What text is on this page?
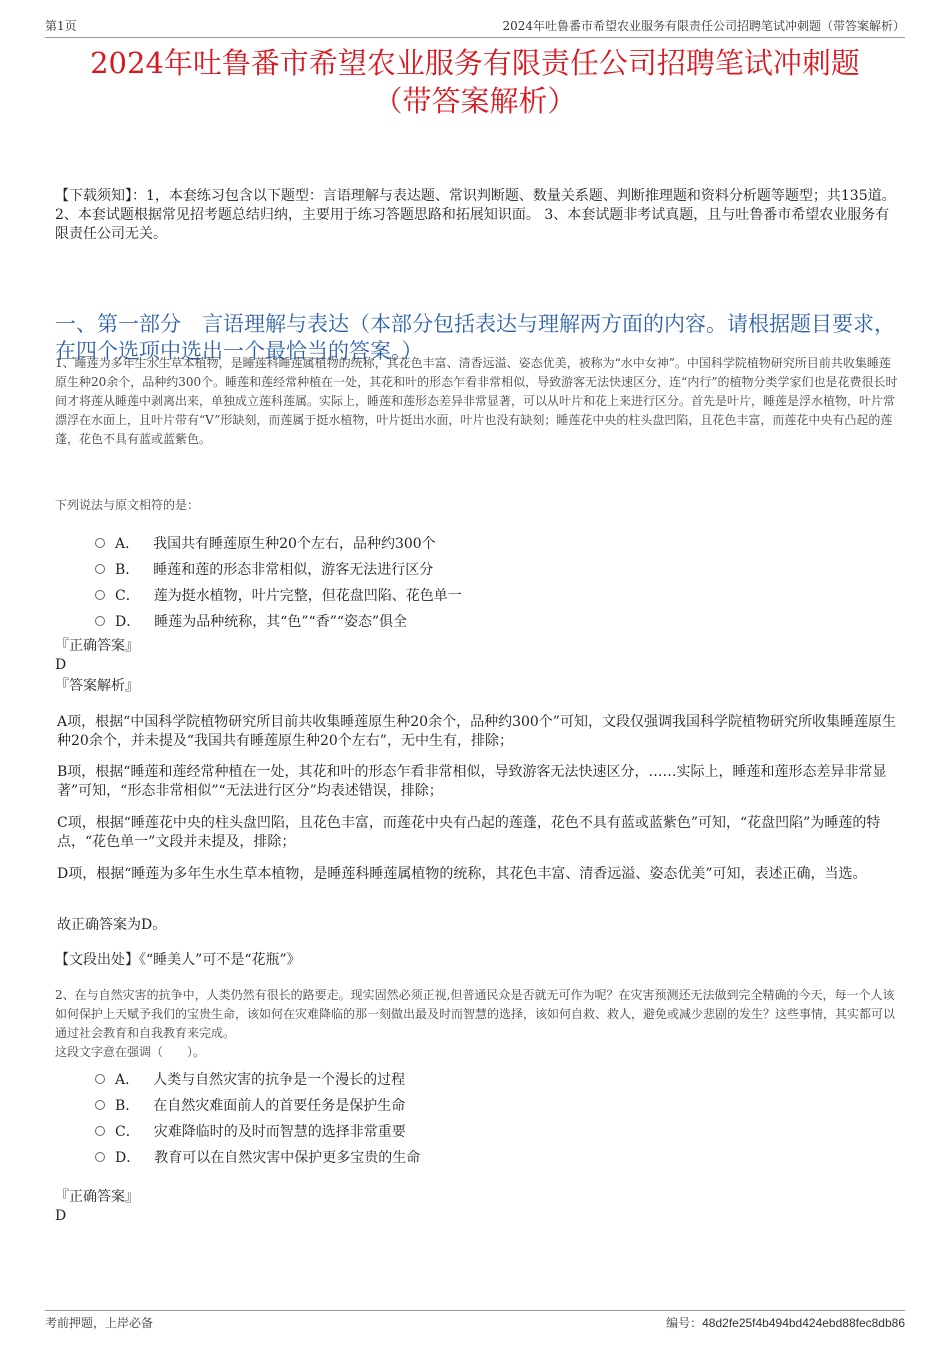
第1页	2024年吐鲁番市希望农业服务有限责任公司招聘笔试冲刺题（带答案解析）
2024年吐鲁番市希望农业服务有限责任公司招聘笔试冲刺题
（带答案解析）
【下载须知】：1，本套练习包含以下题型：言语理解与表达题、常识判断题、数量关系题、判断推理题和资料分析题等题型；共135道。 2、本套试题根据常见招考题总结归纳，主要用于练习答题思路和拓展知识面。 3、本套试题非考试真题，且与吐鲁番市希望农业服务有限责任公司无关。
一、第一部分　言语理解与表达（本部分包括表达与理解两方面的内容。请根据题目要求，在四个选项中选出一个最恰当的答案。）
1、睡莲为多年生水生草本植物，是睡莲科睡莲属植物的统称，其花色丰富、清香远溢、姿态优美，被称为“水中女神”。中国科学院植物研究所目前共收集睡莲原生种20余个，品种约300个。睡莲和莲经常种植在一处，其花和叶的形态乍看非常相似，导致游客无法快速区分，连“内行”的植物分类学家们也是花费很长时间才将莲从睡莲中剥离出来，单独成立莲科莲属。实际上，睡莲和莲形态差异非常显著，可以从叶片和花上来进行区分。首先是叶片，睡莲是浮水植物，叶片常漂浮在水面上，且叶片带有“V”形缺刻，而莲属于挺水植物，叶片挺出水面，叶片也没有缺刻；睡莲花中央的柱头盘凹陷，且花色丰富，而莲花中央有凸起的莲蓬，花色不具有蓝或蓝紫色。
下列说法与原文相符的是：
A． 我国共有睡莲原生种20个左右，品种约300个
B． 睡莲和莲的形态非常相似，游客无法进行区分
C． 莲为挺水植物，叶片完整，但花盘凹陷、花色单一
D． 睡莲为品种统称，其“色”“香”“姿态”俱全
『正确答案』
D
『答案解析』
A项，根据“中国科学院植物研究所目前共收集睡莲原生种20余个，品种约300个”可知，文段仅强调我国科学院植物研究所收集睡莲原生种20余个，并未提及“我国共有睡莲原生种20个左右”，无中生有，排除；
B项，根据“睡莲和莲经常种植在一处，其花和叶的形态乍看非常相似，导致游客无法快速区分，……实际上，睡莲和莲形态差异非常显著”可知，“形态非常相似”“无法进行区分”均表述错误，排除；
C项，根据“睡莲花中央的柱头盘凹陷，且花色丰富，而莲花中央有凸起的莲蓬，花色不具有蓝或蓝紫色”可知，“花盘凹陷”为睡莲的特点，“花色单一”文段并未提及，排除；
D项，根据“睡莲为多年生水生草本植物，是睡莲科睡莲属植物的统称，其花色丰富、清香远溢、姿态优美”可知，表述正确，当选。
故正确答案为D。
【文段出处】《“睡美人”可不是“花瓶”》
2、在与自然灾害的抗争中，人类仍然有很长的路要走。现实固然必须正视,但普通民众是否就无可作为呢？在灾害预测还无法做到完全精确的今天，每一个人该如何保护上天赋予我们的宝贵生命，该如何在灾难降临的那一刻做出最及时而智慧的选择，该如何自救、救人，避免或减少悲剧的发生？这些事情，其实都可以通过社会教育和自我教育来完成。
这段文字意在强调（　　）。
A． 人类与自然灾害的抗争是一个漫长的过程
B． 在自然灾难面前人的首要任务是保护生命
C． 灾难降临时的及时而智慧的选择非常重要
D． 教育可以在自然灾害中保护更多宝贵的生命
『正确答案』
D
考前押题，上岸必备	编号：48d2fe25f4b494bd424ebd88fec8db86
